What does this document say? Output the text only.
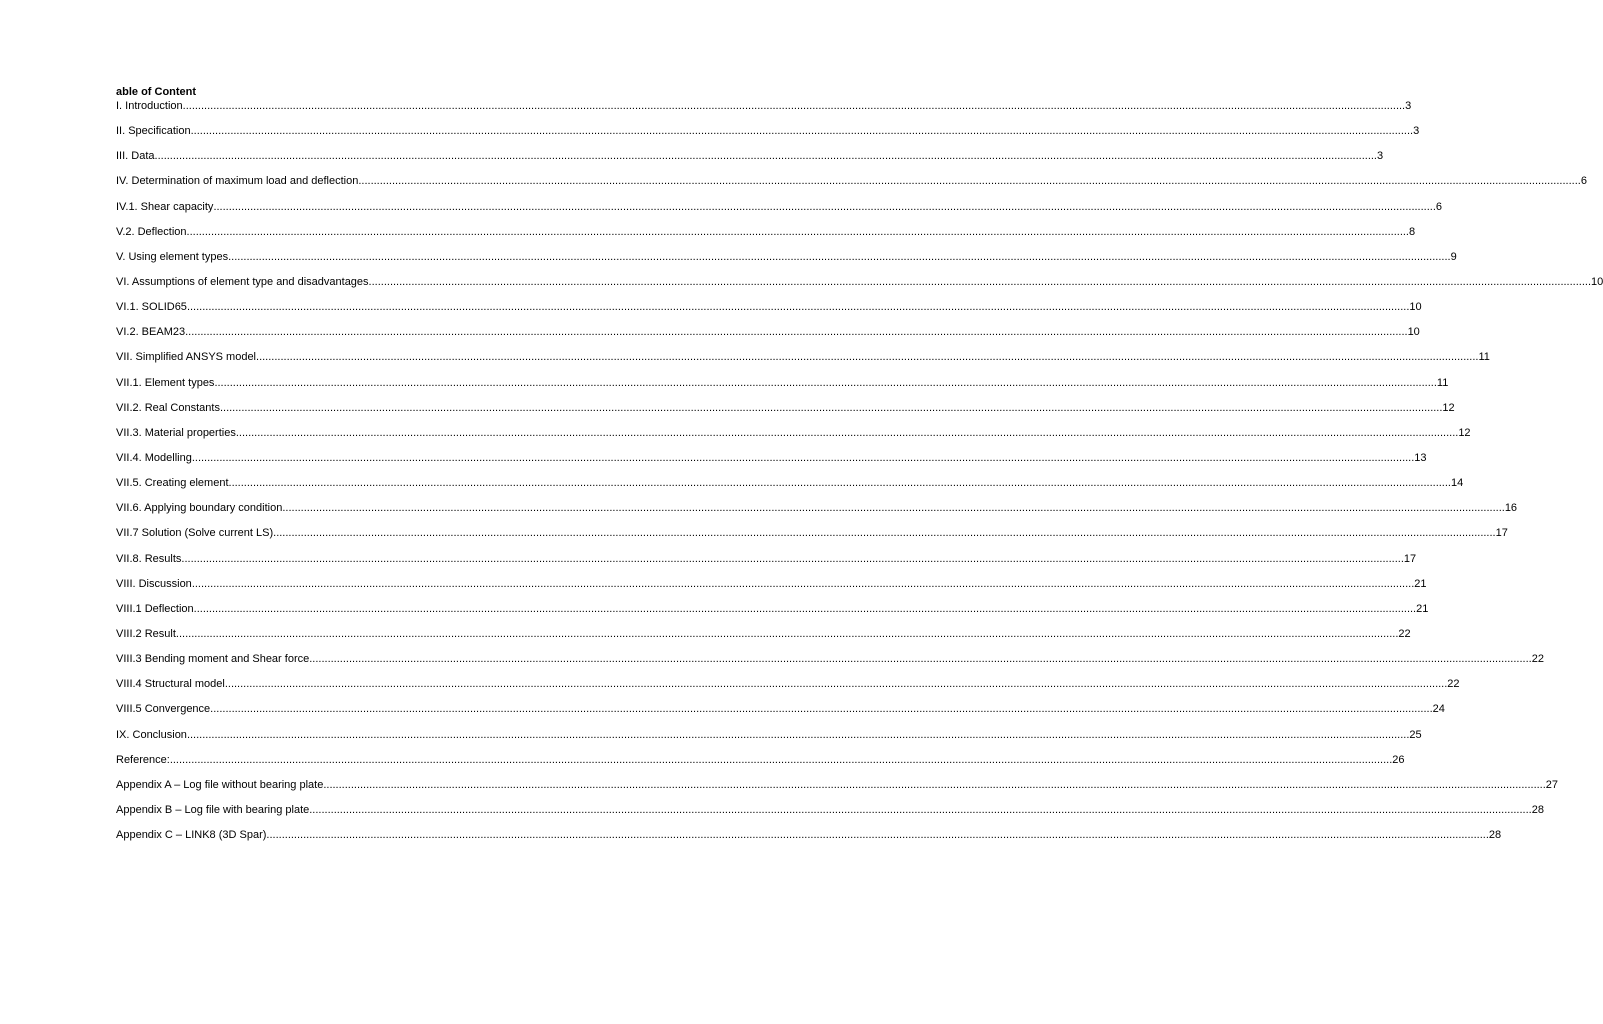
able of Content
I. Introduction ................................................................................................................................................................................................................................................................................................................................................................................................................ 3
II. Specification ................................................................................................................................................................................................................................................................................................................................................................................................................ 3
III. Data ................................................................................................................................................................................................................................................................................................................................................................................................................ 3
IV. Determination of maximum load and deflection ................................................................................................................................................................................................................................................................................................................................................................................................................ 6
IV.1. Shear capacity ................................................................................................................................................................................................................................................................................................................................................................................................................ 6
V.2. Deflection ................................................................................................................................................................................................................................................................................................................................................................................................................ 8
V. Using element types ................................................................................................................................................................................................................................................................................................................................................................................................................ 9
VI. Assumptions of element type and disadvantages ................................................................................................................................................................................................................................................................................................................................................................................................................ 10
VI.1. SOLID65 ................................................................................................................................................................................................................................................................................................................................................................................................................ 10
VI.2. BEAM23 ................................................................................................................................................................................................................................................................................................................................................................................................................ 10
VII. Simplified ANSYS model ................................................................................................................................................................................................................................................................................................................................................................................................................ 11
VII.1. Element types ................................................................................................................................................................................................................................................................................................................................................................................................................ 11
VII.2. Real Constants ................................................................................................................................................................................................................................................................................................................................................................................................................ 12
VII.3. Material properties ................................................................................................................................................................................................................................................................................................................................................................................................................ 12
VII.4. Modelling ................................................................................................................................................................................................................................................................................................................................................................................................................ 13
VII.5. Creating element ................................................................................................................................................................................................................................................................................................................................................................................................................ 14
VII.6. Applying boundary condition ................................................................................................................................................................................................................................................................................................................................................................................................................ 16
VII.7 Solution (Solve current LS) ................................................................................................................................................................................................................................................................................................................................................................................................................ 17
VII.8. Results ................................................................................................................................................................................................................................................................................................................................................................................................................ 17
VIII. Discussion ................................................................................................................................................................................................................................................................................................................................................................................................................ 21
VIII.1 Deflection ................................................................................................................................................................................................................................................................................................................................................................................................................ 21
VIII.2 Result ................................................................................................................................................................................................................................................................................................................................................................................................................ 22
VIII.3 Bending moment and Shear force ................................................................................................................................................................................................................................................................................................................................................................................................................ 22
VIII.4 Structural model ................................................................................................................................................................................................................................................................................................................................................................................................................ 22
VIII.5 Convergence ................................................................................................................................................................................................................................................................................................................................................................................................................ 24
IX. Conclusion ................................................................................................................................................................................................................................................................................................................................................................................................................ 25
Reference: ................................................................................................................................................................................................................................................................................................................................................................................................................ 26
Appendix A – Log file without bearing plate ................................................................................................................................................................................................................................................................................................................................................................................................................ 27
Appendix B – Log file with bearing plate ................................................................................................................................................................................................................................................................................................................................................................................................................ 28
Appendix C – LINK8 (3D Spar) ................................................................................................................................................................................................................................................................................................................................................................................................................ 28
